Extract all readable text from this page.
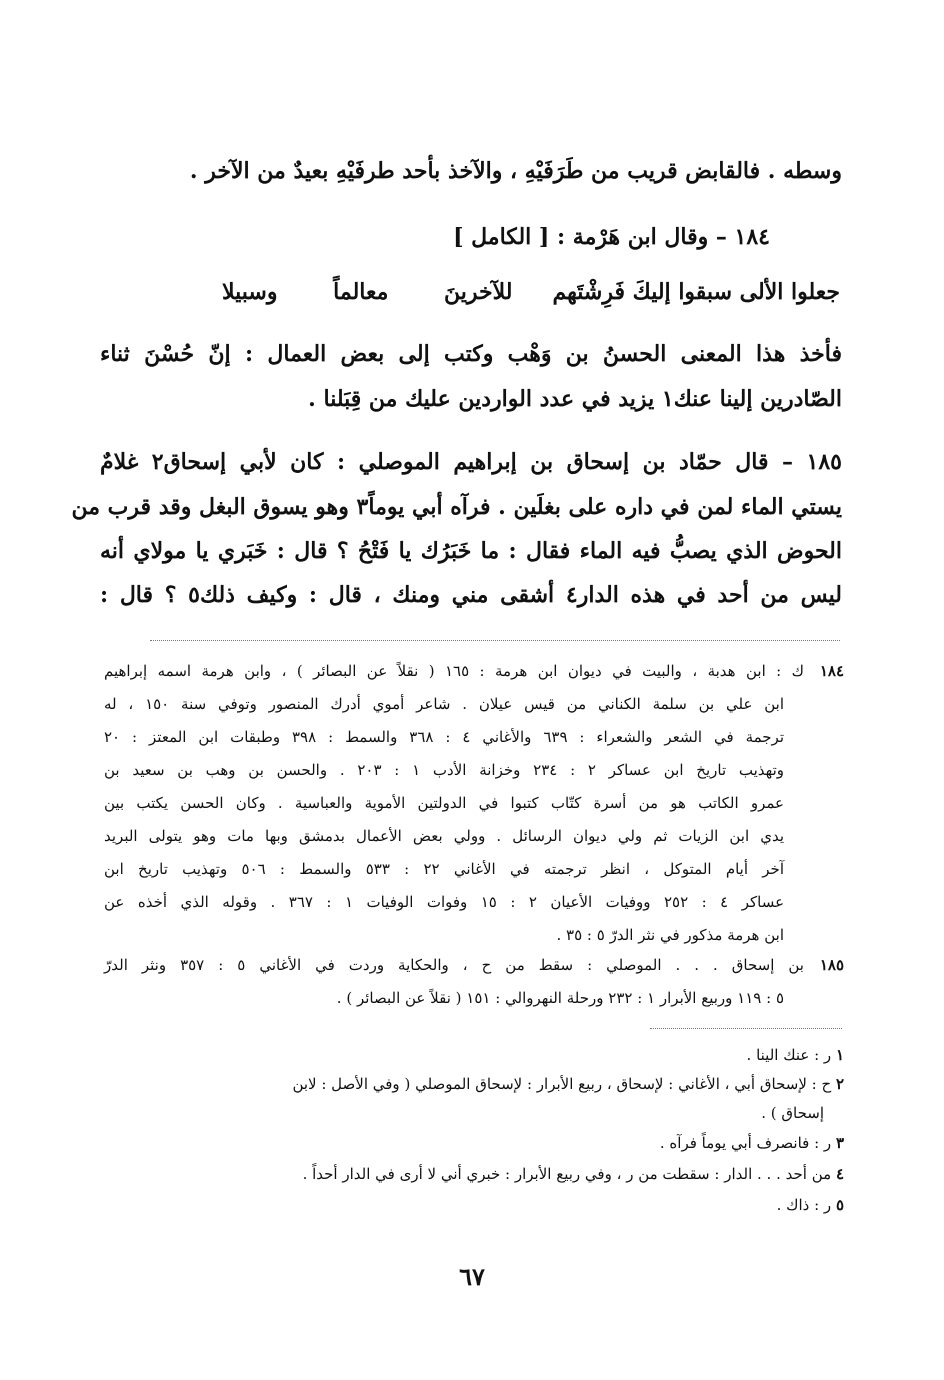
وسطه . فالقابض قريب من طَرَفَيْهِ ، والآخذ بأحد طرفَيْهِ بعيدٌ من الآخر .
١٨٤ – وقال ابن هَرْمة : [ الكامل ]
جعلوا الألى سبقوا إليكَ فَرِشْتَهم
للآخرينَ معالماً وسبيلا
فأخذ هذا المعنى الحسنُ بن وَهْب وكتب إلى بعض العمال : إنّ حُسْنَ ثناء
الصّادرين إلينا عنك١ يزيد في عدد الواردين عليك من قِبَلنا .
١٨٥ – قال حمّاد بن إسحاق بن إبراهيم الموصلي : كان لأبي إسحاق٢ غلامٌ
يستي الماء لمن في داره على بغلَين . فرآه أبي يوماً٣ وهو يسوق البغل وقد قرب من
الحوض الذي يصبُّ فيه الماء فقال : ما خَبَرُك يا فَتْحُ ؟ قال : خَبَري يا مولاي أنه
ليس من أحد في هذه الدار٤ أشقى مني ومنك ، قال : وكيف ذلك٥ ؟ قال :
١٨٤
ك : ابن هدبة ، والبيت في ديوان ابن هرمة : ١٦٥ ( نقلاً عن البصائر ) ، وابن هرمة اسمه إبراهيم
ابن علي بن سلمة الكناني من قيس عيلان . شاعر أموي أدرك المنصور وتوفي سنة ١٥٠ ، له
ترجمة في الشعر والشعراء : ٦٣٩ والأغاني ٤ : ٣٦٨ والسمط : ٣٩٨ وطبقات ابن المعتز : ٢٠
وتهذيب تاريخ ابن عساكر ٢ : ٢٣٤ وخزانة الأدب ١ : ٢٠٣ . والحسن بن وهب بن سعيد بن
عمرو الكاتب هو من أسرة كتّاب كتبوا في الدولتين الأموية والعباسية . وكان الحسن يكتب بين
يدي ابن الزيات ثم ولي ديوان الرسائل . وولي بعض الأعمال بدمشق وبها مات وهو يتولى البريد
آخر أيام المتوكل ، انظر ترجمته في الأغاني ٢٢ : ٥٣٣ والسمط : ٥٠٦ وتهذيب تاريخ ابن
عساكر ٤ : ٢٥٢ ووفيات الأعيان ٢ : ١٥ وفوات الوفيات ١ : ٣٦٧ . وقوله الذي أخذه عن
ابن هرمة مذكور في نثر الدرّ ٥ : ٣٥ .
١٨٥
بن إسحاق . . . الموصلي : سقط من ح ، والحكاية وردت في الأغاني ٥ : ٣٥٧ ونثر الدرّ
٥ : ١١٩ وربيع الأبرار ١ : ٢٣٢ ورحلة النهروالي : ١٥١ ( نقلاً عن البصائر ) .
١ ر : عنك الينا .
٢ ح : لإسحاق أبي ، الأغاني : لإسحاق ، ربيع الأبرار : لإسحاق الموصلي ( وفي الأصل : لابن
إسحاق ) .
٣ ر : فانصرف أبي يوماً فرآه .
٤ من أحد . . . الدار : سقطت من ر ، وفي ربيع الأبرار : خبري أني لا أرى في الدار أحداً .
٥ ر : ذاك .
٦٧
